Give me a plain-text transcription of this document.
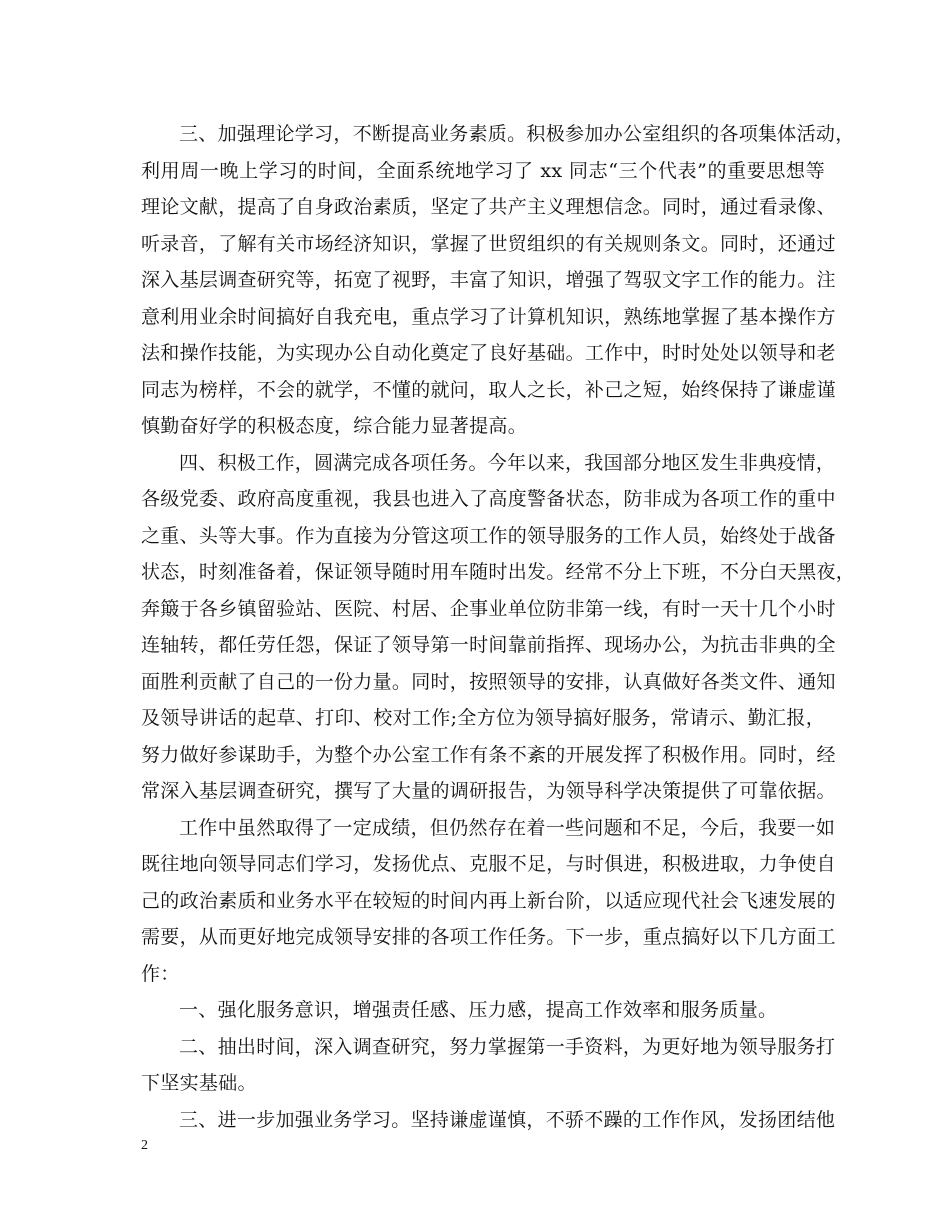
三、加强理论学习，不断提高业务素质。积极参加办公室组织的各项集体活动，
利用周一晚上学习的时间，全面系统地学习了 xx 同志“三个代表”的重要思想等
理论文献，提高了自身政治素质，坚定了共产主义理想信念。同时，通过看录像、
听录音，了解有关市场经济知识，掌握了世贸组织的有关规则条文。同时，还通过
深入基层调查研究等，拓宽了视野，丰富了知识，增强了驾驭文字工作的能力。注
意利用业余时间搞好自我充电，重点学习了计算机知识，熟练地掌握了基本操作方
法和操作技能，为实现办公自动化奠定了良好基础。工作中，时时处处以领导和老
同志为榜样，不会的就学，不懂的就问，取人之长，补己之短，始终保持了谦虚谨
慎勤奋好学的积极态度，综合能力显著提高。
四、积极工作，圆满完成各项任务。今年以来，我国部分地区发生非典疫情，
各级党委、政府高度重视，我县也进入了高度警备状态，防非成为各项工作的重中
之重、头等大事。作为直接为分管这项工作的领导服务的工作人员，始终处于战备
状态，时刻准备着，保证领导随时用车随时出发。经常不分上下班，不分白天黑夜，
奔簸于各乡镇留验站、医院、村居、企事业单位防非第一线，有时一天十几个小时
连轴转，都任劳任怨，保证了领导第一时间靠前指挥、现场办公，为抗击非典的全
面胜利贡献了自己的一份力量。同时，按照领导的安排，认真做好各类文件、通知
及领导讲话的起草、打印、校对工作;全方位为领导搞好服务，常请示、勤汇报，
努力做好参谋助手，为整个办公室工作有条不紊的开展发挥了积极作用。同时，经
常深入基层调查研究，撰写了大量的调研报告，为领导科学决策提供了可靠依据。
工作中虽然取得了一定成绩，但仍然存在着一些问题和不足，今后，我要一如
既往地向领导同志们学习，发扬优点、克服不足，与时俱进，积极进取，力争使自
己的政治素质和业务水平在较短的时间内再上新台阶，以适应现代社会飞速发展的
需要，从而更好地完成领导安排的各项工作任务。下一步，重点搞好以下几方面工
作：
一、强化服务意识，增强责任感、压力感，提高工作效率和服务质量。
二、抽出时间，深入调查研究，努力掌握第一手资料，为更好地为领导服务打
下坚实基础。
三、进一步加强业务学习。坚持谦虚谨慎，不骄不躁的工作作风，发扬团结他
2
